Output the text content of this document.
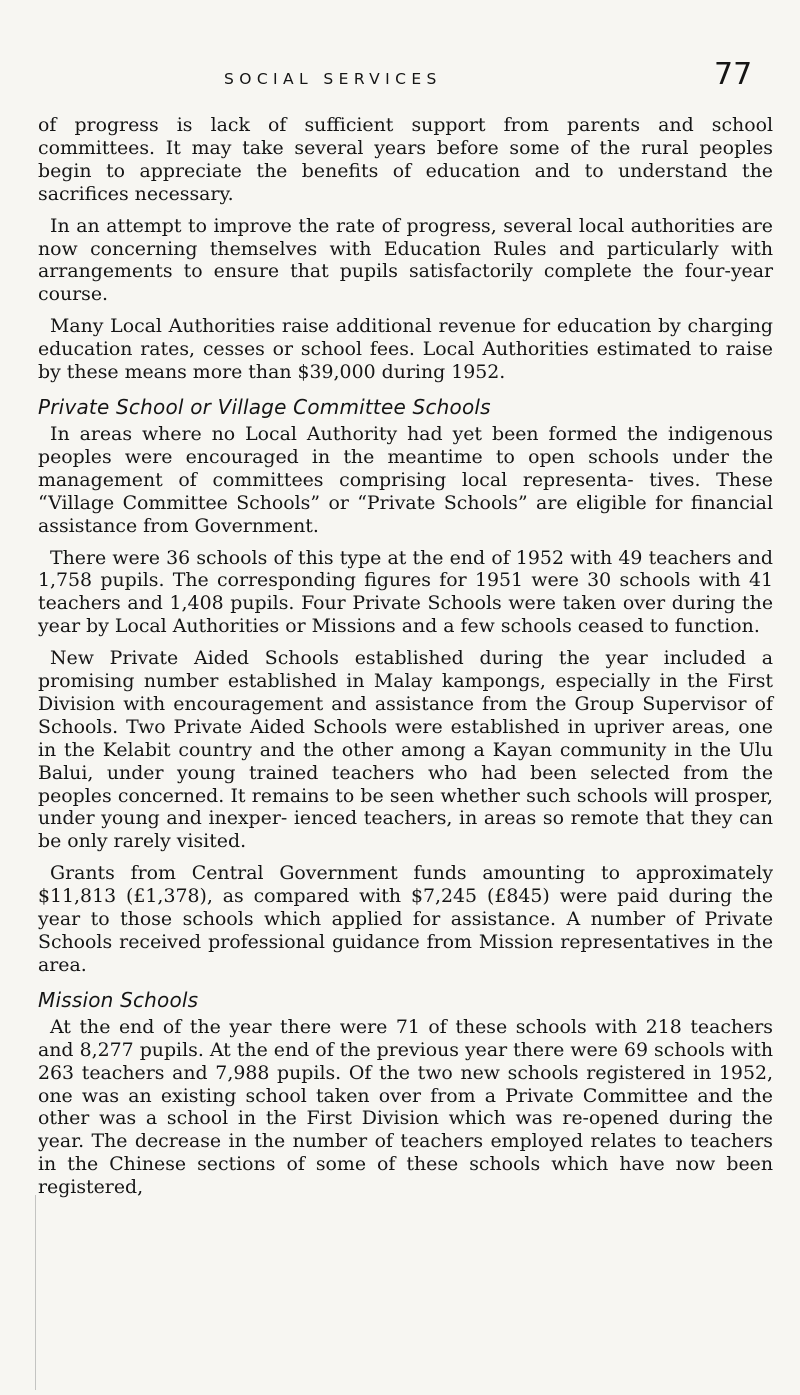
SOCIAL SERVICES	77

of progress is lack of sufficient support from parents and school committees. It may take several years before some of the rural peoples begin to appreciate the benefits of education and to understand the sacrifices necessary.

In an attempt to improve the rate of progress, several local authorities are now concerning themselves with Education Rules and particularly with arrangements to ensure that pupils satisfactorily complete the four-year course.

Many Local Authorities raise additional revenue for education by charging education rates, cesses or school fees. Local Authorities estimated to raise by these means more than $39,000 during 1952.

Private School or Village Committee Schools

In areas where no Local Authority had yet been formed the indigenous peoples were encouraged in the meantime to open schools under the management of committees comprising local representa- tives. These “Village Committee Schools” or “Private Schools” are eligible for financial assistance from Government.

There were 36 schools of this type at the end of 1952 with 49 teachers and 1,758 pupils. The corresponding figures for 1951 were 30 schools with 41 teachers and 1,408 pupils. Four Private Schools were taken over during the year by Local Authorities or Missions and a few schools ceased to function.

New Private Aided Schools established during the year included a promising number established in Malay kampongs, especially in the First Division with encouragement and assistance from the Group Supervisor of Schools. Two Private Aided Schools were established in upriver areas, one in the Kelabit country and the other among a Kayan community in the Ulu Balui, under young trained teachers who had been selected from the peoples concerned. It remains to be seen whether such schools will prosper, under young and inexper- ienced teachers, in areas so remote that they can be only rarely visited.

Grants from Central Government funds amounting to approximately $11,813 (£1,378), as compared with $7,245 (£845) were paid during the year to those schools which applied for assistance. A number of Private Schools received professional guidance from Mission representatives in the area.

Mission Schools

At the end of the year there were 71 of these schools with 218 teachers and 8,277 pupils. At the end of the previous year there were 69 schools with 263 teachers and 7,988 pupils. Of the two new schools registered in 1952, one was an existing school taken over from a Private Committee and the other was a school in the First Division which was re-opened during the year. The decrease in the number of teachers employed relates to teachers in the Chinese sections of some of these schools which have now been registered,
